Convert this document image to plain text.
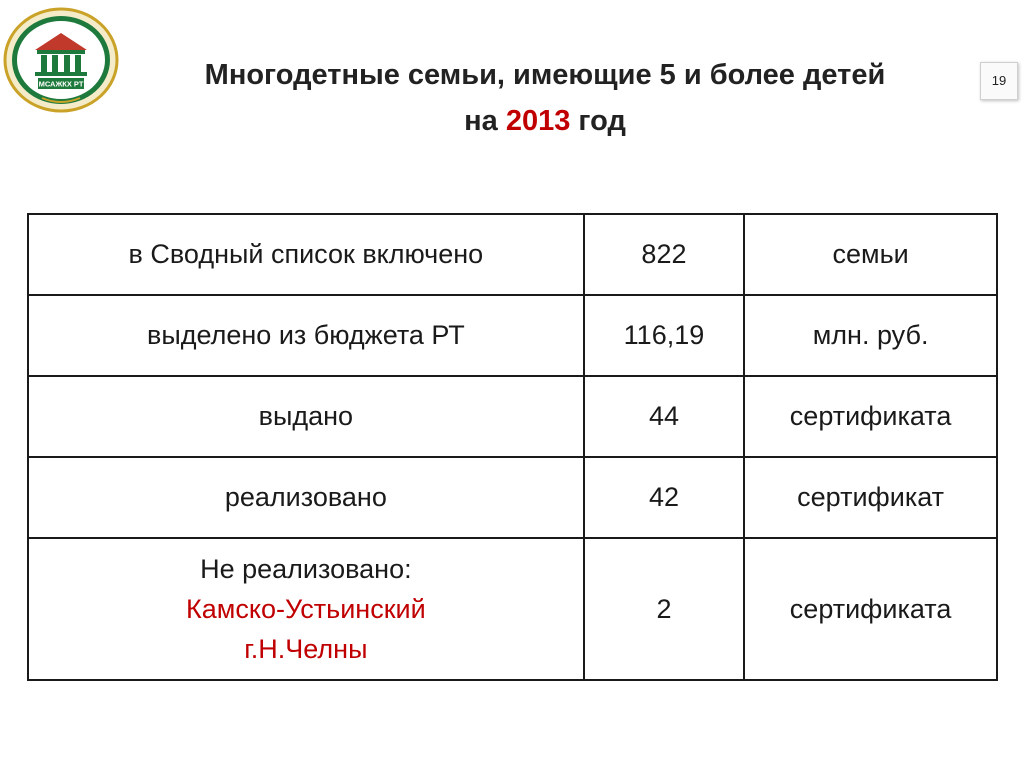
МСАЖКХ РТ	Многодетные семьи, имеющие 5 и более детей
на 2013 год
19
в Сводный список включено	822	семьи
выделено из бюджета РТ	116,19	млн. руб.
выдано	44	сертификата
реализовано	42	сертификат

Не реализовано:
Камско-Устьинский
г.Н.Челны	2	сертификата
